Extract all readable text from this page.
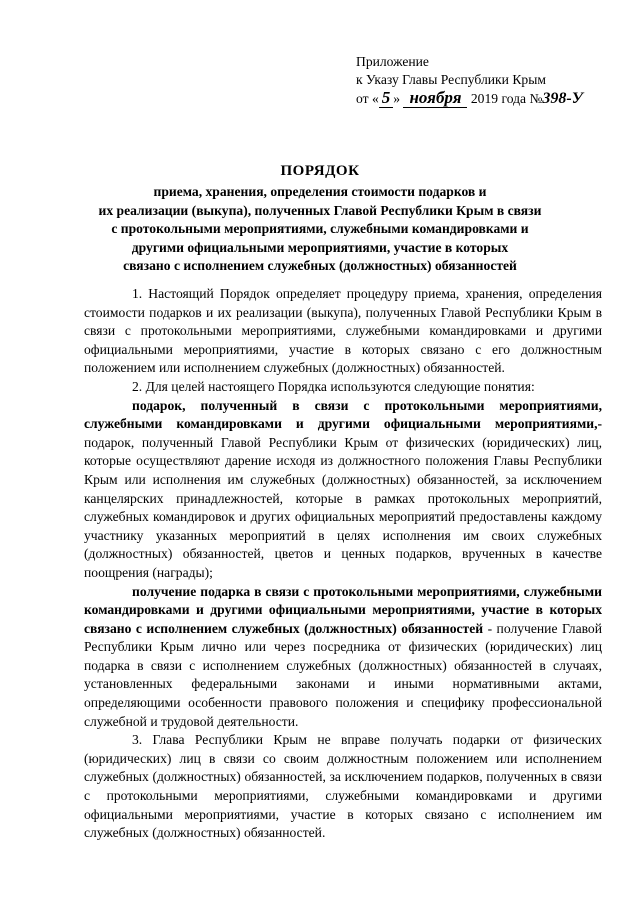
Приложение
к Указу Главы Республики Крым
от « 5 » ноября 2019 года №398-У
ПОРЯДОК
приема, хранения, определения стоимости подарков и
их реализации (выкупа), полученных Главой Республики Крым в связи
с протокольными мероприятиями, служебными командировками и
другими официальными мероприятиями, участие в которых
связано с исполнением служебных (должностных) обязанностей

1. Настоящий Порядок определяет процедуру приема, хранения, определения стоимости подарков и их реализации (выкупа), полученных Главой Республики Крым в связи с протокольными мероприятиями, служебными командировками и другими официальными мероприятиями, участие в которых связано с его должностным положением или исполнением служебных (должностных) обязанностей.

2. Для целей настоящего Порядка используются следующие понятия:

подарок, полученный в связи с протокольными мероприятиями, служебными командировками и другими официальными мероприятиями,- подарок, полученный Главой Республики Крым от физических (юридических) лиц, которые осуществляют дарение исходя из должностного положения Главы Республики Крым или исполнения им служебных (должностных) обязанностей, за исключением канцелярских принадлежностей, которые в рамках протокольных мероприятий, служебных командировок и других официальных мероприятий предоставлены каждому участнику указанных мероприятий в целях исполнения им своих служебных (должностных) обязанностей, цветов и ценных подарков, врученных в качестве поощрения (награды);

получение подарка в связи с протокольными мероприятиями, служебными командировками и другими официальными мероприятиями, участие в которых связано с исполнением служебных (должностных) обязанностей - получение Главой Республики Крым лично или через посредника от физических (юридических) лиц подарка в связи с исполнением служебных (должностных) обязанностей в случаях, установленных федеральными законами и иными нормативными актами, определяющими особенности правового положения и специфику профессиональной служебной и трудовой деятельности.

3. Глава Республики Крым не вправе получать подарки от физических (юридических) лиц в связи со своим должностным положением или исполнением служебных (должностных) обязанностей, за исключением подарков, полученных в связи с протокольными мероприятиями, служебными командировками и другими официальными мероприятиями, участие в которых связано с исполнением им служебных (должностных) обязанностей.
